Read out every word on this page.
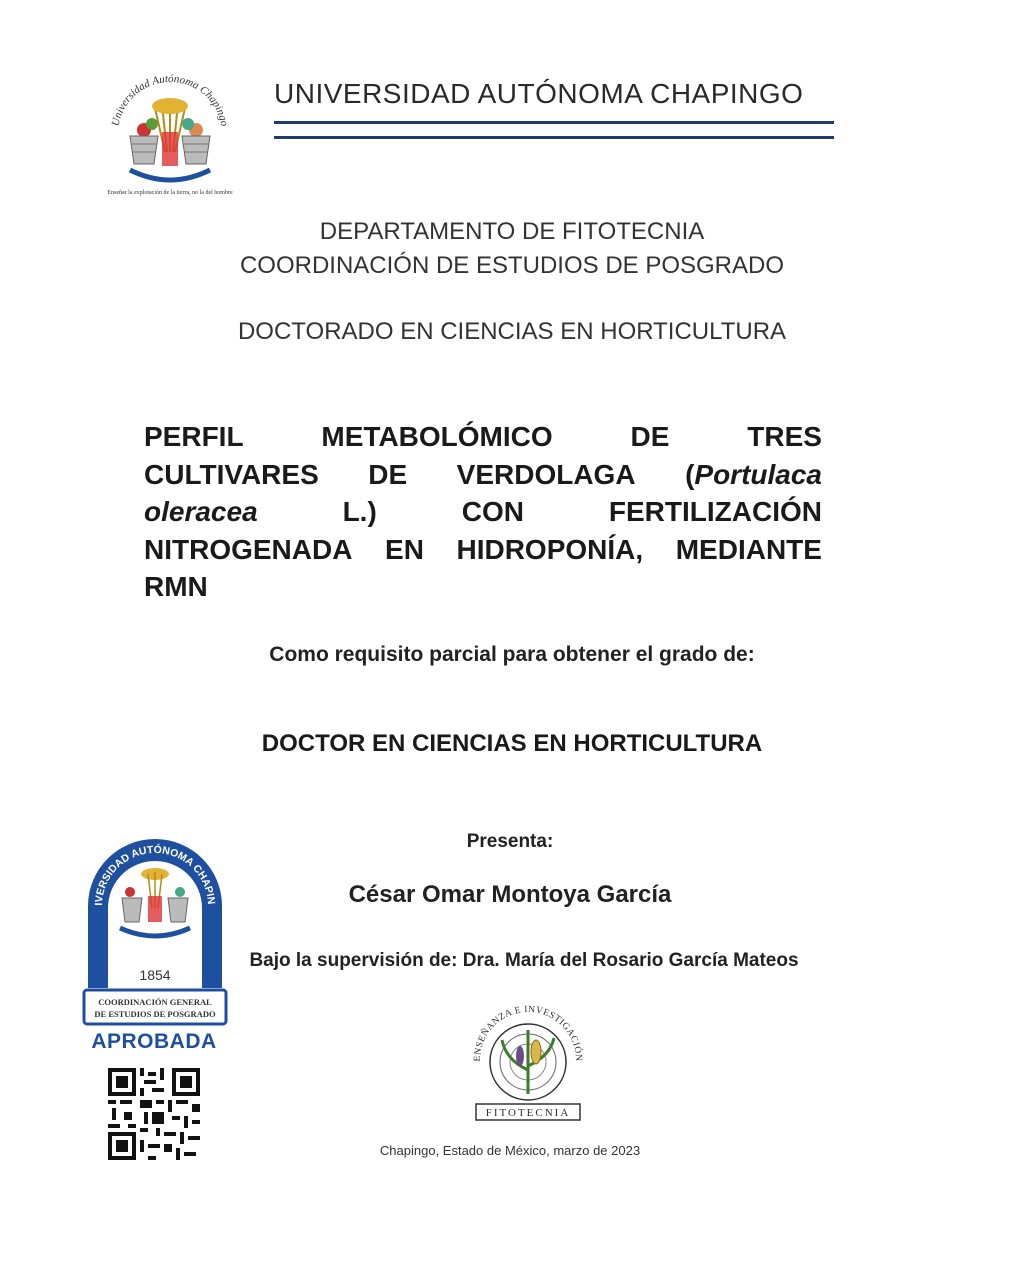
Universidad Autónoma Chapingo
Enseñar la explotación de la tierra, no la del hombre
UNIVERSIDAD AUTÓNOMA CHAPINGO
DEPARTAMENTO DE FITOTECNIA
COORDINACIÓN DE ESTUDIOS DE POSGRADO
DOCTORADO EN CIENCIAS EN HORTICULTURA
PERFIL	METABOLÓMICO	DE	TRES
CULTIVARES DE VERDOLAGA (Portulaca
oleracea	L.)	CON	FERTILIZACIÓN
NITROGENADA EN HIDROPONÍA, MEDIANTE
RMN
Como requisito parcial para obtener el grado de:
DOCTOR EN CIENCIAS EN HORTICULTURA
Presenta:
César Omar Montoya García
Bajo la supervisión de: Dra. María del Rosario García Mateos
IVERSIDAD AUTÓNOMA CHAPIN
1854
COORDINACIÓN GENERAL
DE ESTUDIOS DE POSGRADO
APROBADA
ENSEÑANZA E INVESTIGACIÓN
FITOTECNIA
Chapingo, Estado de México, marzo de 2023
